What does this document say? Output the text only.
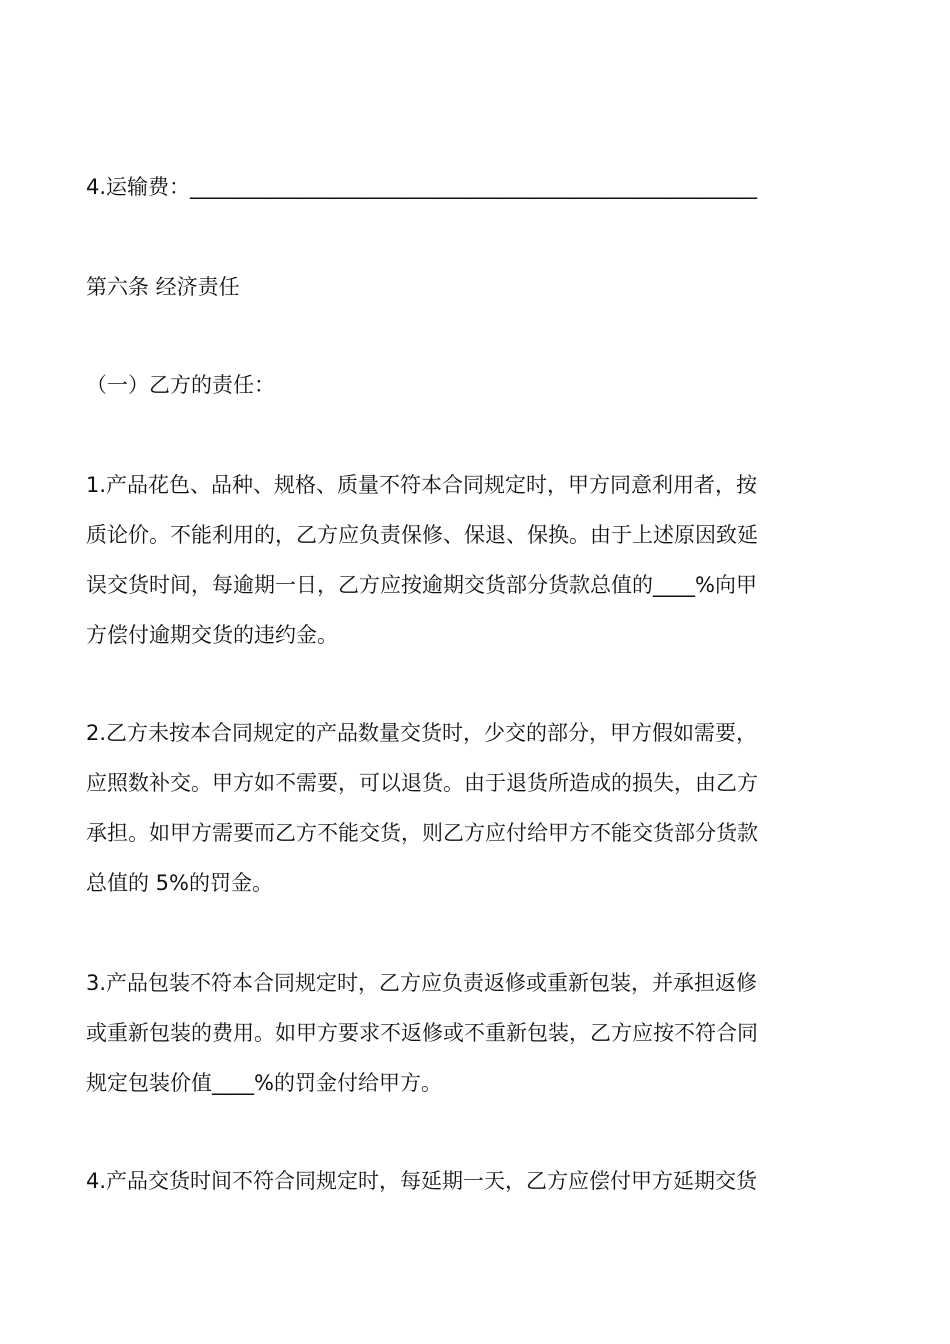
4.运输费：______________________________________________________

第六条 经济责任

（一）乙方的责任：

1.产品花色、品种、规格、质量不符本合同规定时，甲方同意利用者，按
质论价。不能利用的，乙方应负责保修、保退、保换。由于上述原因致延
误交货时间，每逾期一日，乙方应按逾期交货部分货款总值的____%向甲
方偿付逾期交货的违约金。

2.乙方未按本合同规定的产品数量交货时，少交的部分，甲方假如需要，
应照数补交。甲方如不需要，可以退货。由于退货所造成的损失，由乙方
承担。如甲方需要而乙方不能交货，则乙方应付给甲方不能交货部分货款
总值的 5%的罚金。

3.产品包装不符本合同规定时，乙方应负责返修或重新包装，并承担返修
或重新包装的费用。如甲方要求不返修或不重新包装，乙方应按不符合同
规定包装价值____%的罚金付给甲方。

4.产品交货时间不符合同规定时，每延期一天，乙方应偿付甲方延期交货
